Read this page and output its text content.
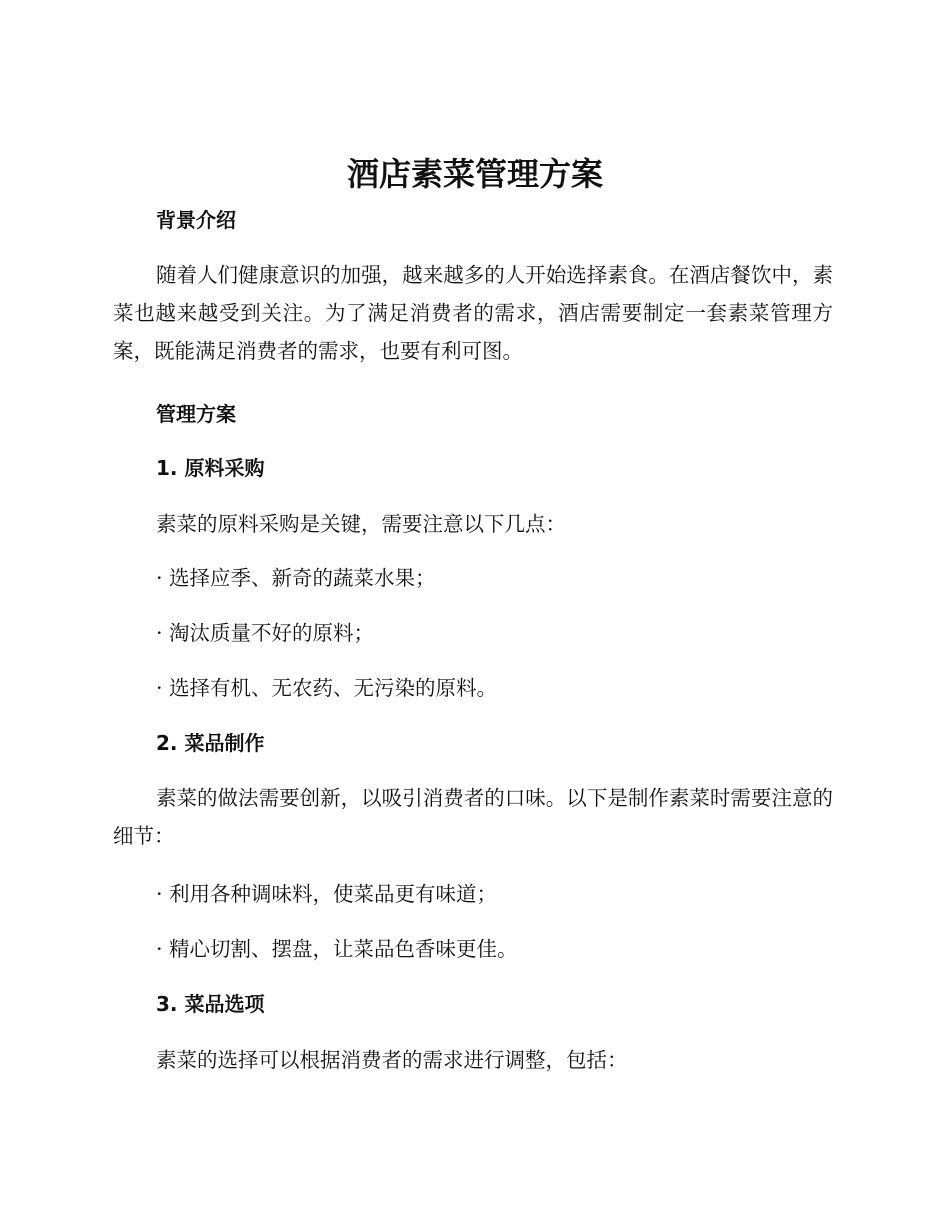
酒店素菜管理方案
背景介绍

随着人们健康意识的加强，越来越多的人开始选择素食。在酒店餐饮中，素菜也越来越受到关注。为了满足消费者的需求，酒店需要制定一套素菜管理方案，既能满足消费者的需求，也要有利可图。

管理方案
1. 原料采购

素菜的原料采购是关键，需要注意以下几点：

· 选择应季、新奇的蔬菜水果；

· 淘汰质量不好的原料；

· 选择有机、无农药、无污染的原料。

2. 菜品制作

素菜的做法需要创新，以吸引消费者的口味。以下是制作素菜时需要注意的细节：

· 利用各种调味料，使菜品更有味道；

· 精心切割、摆盘，让菜品色香味更佳。

3. 菜品选项

素菜的选择可以根据消费者的需求进行调整，包括：
